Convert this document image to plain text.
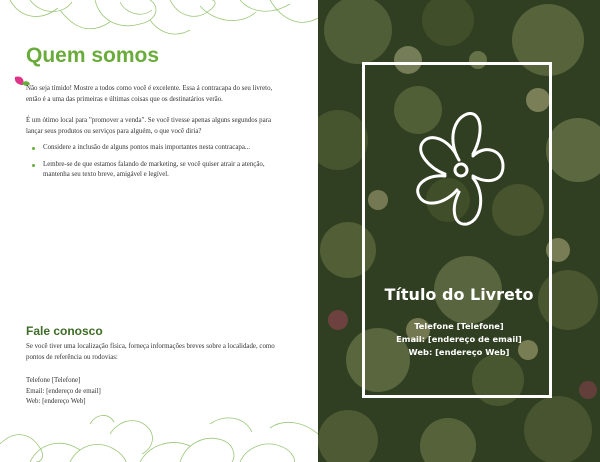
Quem somos

Não seja tímido! Mostre a todos como você é excelente. Essa á contracapa do seu livreto, então é a uma das primeiras e últimas coisas que os destinatários verão.

É um ótimo local para "promover a venda". Se você tivesse apenas alguns segundos para lançar seus produtos ou serviços para alguém, o que você diria?

Considere a inclusão de alguns pontos mais importantes nesta contracapa...
Lembre-se de que estamos falando de marketing, se você quiser atrair a atenção, mantenha seu texto breve, amigável e legível.
Fale conosco

Se você tiver uma localização física, forneça informações breves sobre a localidade, como pontos de referência ou rodovias:

Telefone [Telefone]
Email: [endereço de email]
Web: [endereço Web]
Título do Livreto
Telefone [Telefone]
Email: [endereço de email]
Web: [endereço Web]
